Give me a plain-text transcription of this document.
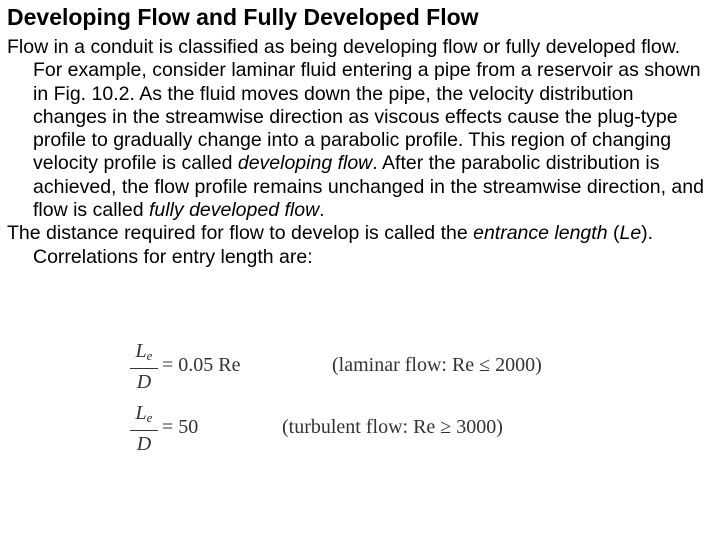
Developing Flow and Fully Developed Flow

Flow in a conduit is classified as being developing flow or fully developed flow. For example, consider laminar fluid entering a pipe from a reservoir as shown in Fig. 10.2. As the fluid moves down the pipe, the velocity distribution changes in the streamwise direction as viscous effects cause the plug-type profile to gradually change into a parabolic profile. This region of changing velocity profile is called developing flow. After the parabolic distribution is achieved, the flow profile remains unchanged in the streamwise direction, and flow is called fully developed flow.

The distance required for flow to develop is called the entrance length (Le). Correlations for entry length are:

$L_e$
D
= 0.05 Re	(laminar flow: Re ≤ 2000)
$L_e$
D
= 50	(turbulent flow: Re ≥ 3000)
